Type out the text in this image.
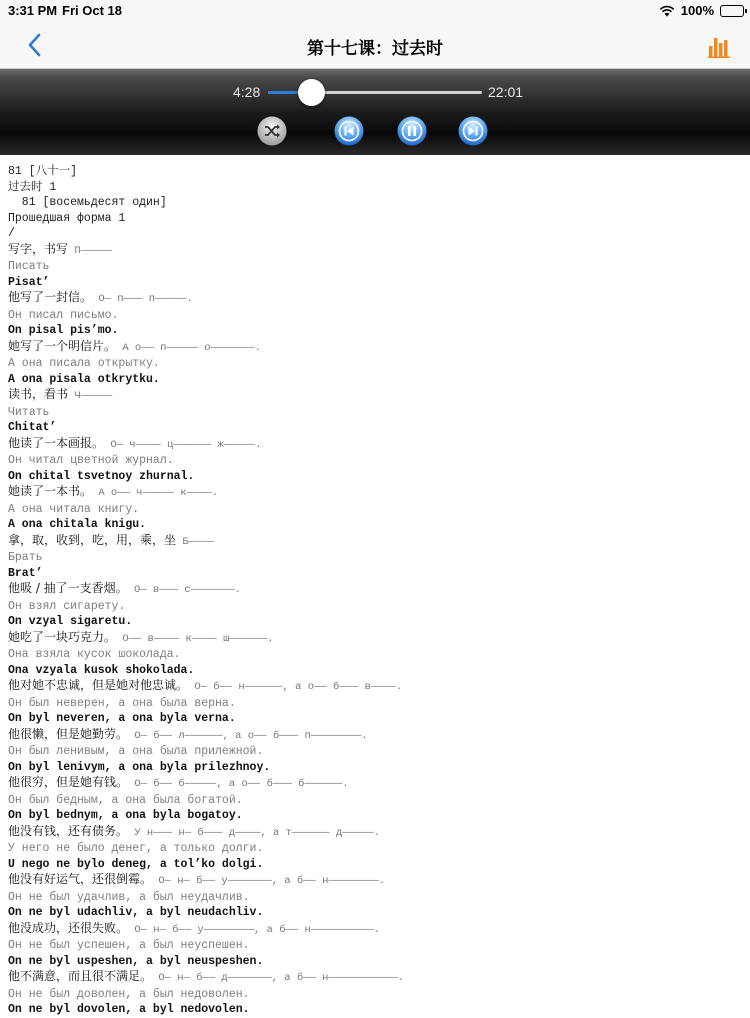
3:31 PM Fri Oct 18	100%
第十七课：过去时
4:28	22:01
81 [八十一]
过去时 1
81 [восемьдесят один]
Прошедшая форма 1
/
写字，书写 П—————
Писать
Pisat’
他写了一封信。 О— п——— п—————.
Он писал письмо.
On pisal pis’mo.
她写了一个明信片。 А о—— п————— о———————.
А она писала открытку.
A ona pisala otkrytku.
读书，看书 Ч—————
Читать
Chitat’
他读了一本画报。 О— ч———— ц—————— ж—————.
Он читал цветной журнал.
On chital tsvetnoy zhurnal.
她读了一本书。 А о—— ч————— к————.
А она читала книгу.
A ona chitala knigu.
拿，取，收到，吃，用，乘，坐 Б————
Брать
Brat’
他吸 / 抽了一支香烟。 О— в——— с———————.
Он взял сигарету.
On vzyal sigaretu.
她吃了一块巧克力。 О—— в———— к———— ш——————.
Она взяла кусок шоколада.
Ona vzyala kusok shokolada.
他对她不忠诚，但是她对他忠诚。 О— б—— н——————, а о—— б——— в————.
Он был неверен, а она была верна.
On byl neveren, a ona byla verna.
他很懒，但是她勤劳。 О— б—— л——————, а о—— б——— п————————.
Он был ленивым, а она была прилежной.
On byl lenivym, a ona byla prilezhnoy.
他很穷，但是她有钱。 О— б—— б—————, а о—— б——— б——————.
Он был бедным, а она была богатой.
On byl bednym, a ona byla bogatoy.
他没有钱，还有债务。 У н——— н— б——— д————, а т—————— д—————.
У него не было денег, а только долги.
U nego ne bylo deneg, a tol’ko dolgi.
他没有好运气，还很倒霉。 О— н— б—— у———————, а б—— н————————.
Он не был удачлив, а был неудачлив.
On ne byl udachliv, a byl neudachliv.
他没成功，还很失败。 О— н— б—— у————————, а б—— н——————————.
Он не был успешен, а был неуспешен.
On ne byl uspeshen, a byl neuspeshen.
他不满意，而且很不满足。 О— н— б—— д———————, а б—— н———————————.
Он не был доволен, а был недоволен.
On ne byl dovolen, a byl nedovolen.
